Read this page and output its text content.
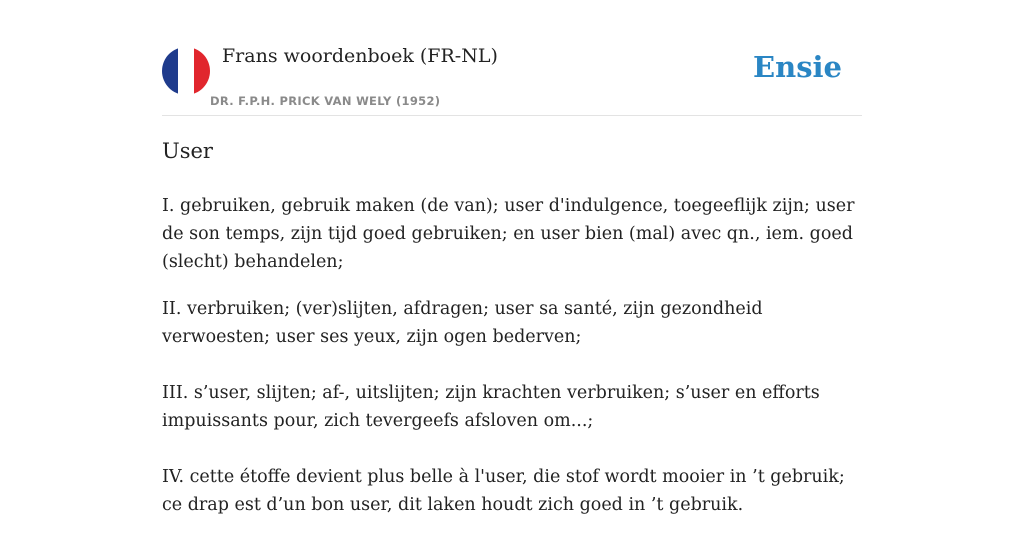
Frans woordenboek (FR-NL)
DR. F.P.H. PRICK VAN WELY (1952)
Ensie
User

I. gebruiken, gebruik maken (de van); user d'indulgence, toegeeflijk zijn; user de son temps, zijn tijd goed gebruiken; en user bien (mal) avec qn., iem. goed (slecht) behandelen;

II. verbruiken; (ver)slijten, afdragen; user sa santé, zijn gezondheid verwoesten; user ses yeux, zijn ogen bederven;

III. s’user, slijten; af-, uitslijten; zijn krachten verbruiken; s’user en efforts impuissants pour, zich tevergeefs afsloven om...;

IV. cette étoffe devient plus belle à l'user, die stof wordt mooier in ’t gebruik; ce drap est d’un bon user, dit laken houdt zich goed in ’t gebruik.
